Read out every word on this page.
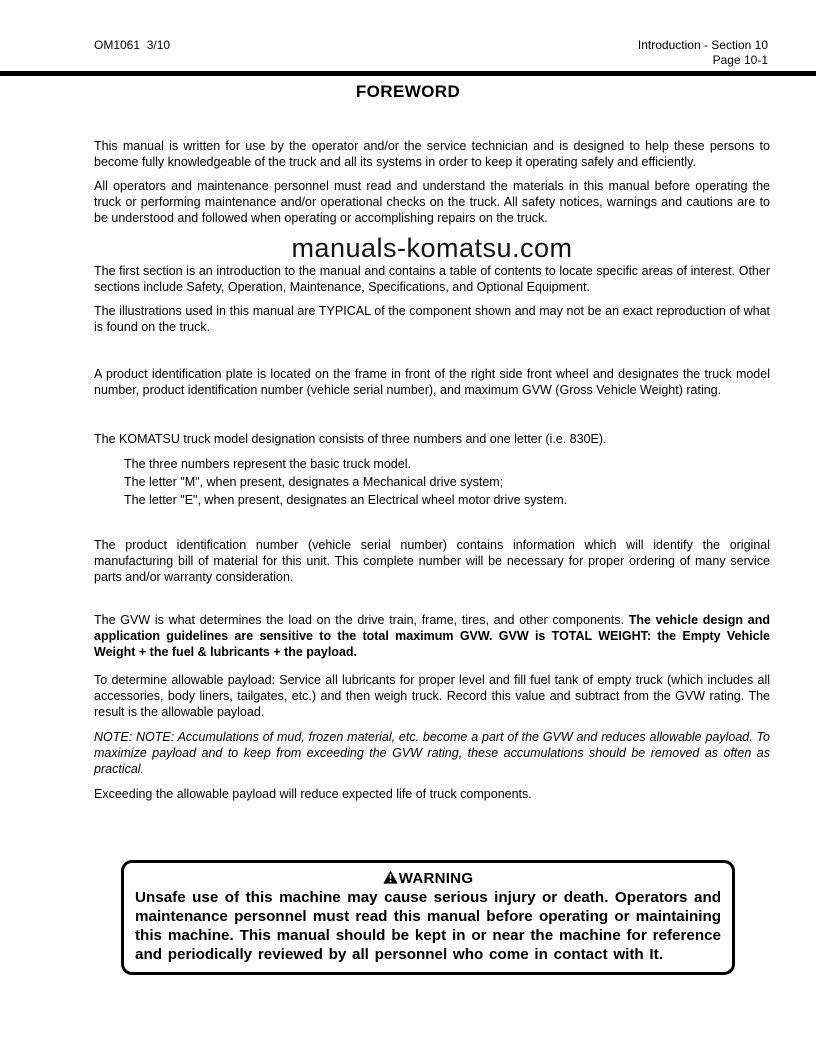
OM1061  3/10	Introduction - Section 10
Page 10-1
FOREWORD

This manual is written for use by the operator and/or the service technician and is designed to help these persons to become fully knowledgeable of the truck and all its systems in order to keep it operating safely and efficiently.

All operators and maintenance personnel must read and understand the materials in this manual before operating the truck or performing maintenance and/or operational checks on the truck. All safety notices, warnings and cautions are to be understood and followed when operating or accomplishing repairs on the truck.

manuals-komatsu.com

The first section is an introduction to the manual and contains a table of contents to locate specific areas of interest. Other sections include Safety, Operation, Maintenance, Specifications, and Optional Equipment.

The illustrations used in this manual are TYPICAL of the component shown and may not be an exact reproduction of what is found on the truck.

A product identification plate is located on the frame in front of the right side front wheel and designates the truck model number, product identification number (vehicle serial number), and maximum GVW (Gross Vehicle Weight) rating.

The KOMATSU truck model designation consists of three numbers and one letter (i.e. 830E).

The three numbers represent the basic truck model.
The letter "M", when present, designates a Mechanical drive system;
The letter "E", when present, designates an Electrical wheel motor drive system.

The product identification number (vehicle serial number) contains information which will identify the original manufacturing bill of material for this unit. This complete number will be necessary for proper ordering of many service parts and/or warranty consideration.

The GVW is what determines the load on the drive train, frame, tires, and other components. The vehicle design and application guidelines are sensitive to the total maximum GVW. GVW is TOTAL WEIGHT: the Empty Vehicle Weight + the fuel & lubricants + the payload.

To determine allowable payload: Service all lubricants for proper level and fill fuel tank of empty truck (which includes all accessories, body liners, tailgates, etc.) and then weigh truck. Record this value and subtract from the GVW rating. The result is the allowable payload.

NOTE: NOTE: Accumulations of mud, frozen material, etc. become a part of the GVW and reduces allowable payload. To maximize payload and to keep from exceeding the GVW rating, these accumulations should be removed as often as practical.

Exceeding the allowable payload will reduce expected life of truck components.

WARNING
Unsafe use of this machine may cause serious injury or death. Operators and maintenance personnel must read this manual before operating or maintaining this machine. This manual should be kept in or near the machine for reference and periodically reviewed by all personnel who come in contact with It.
